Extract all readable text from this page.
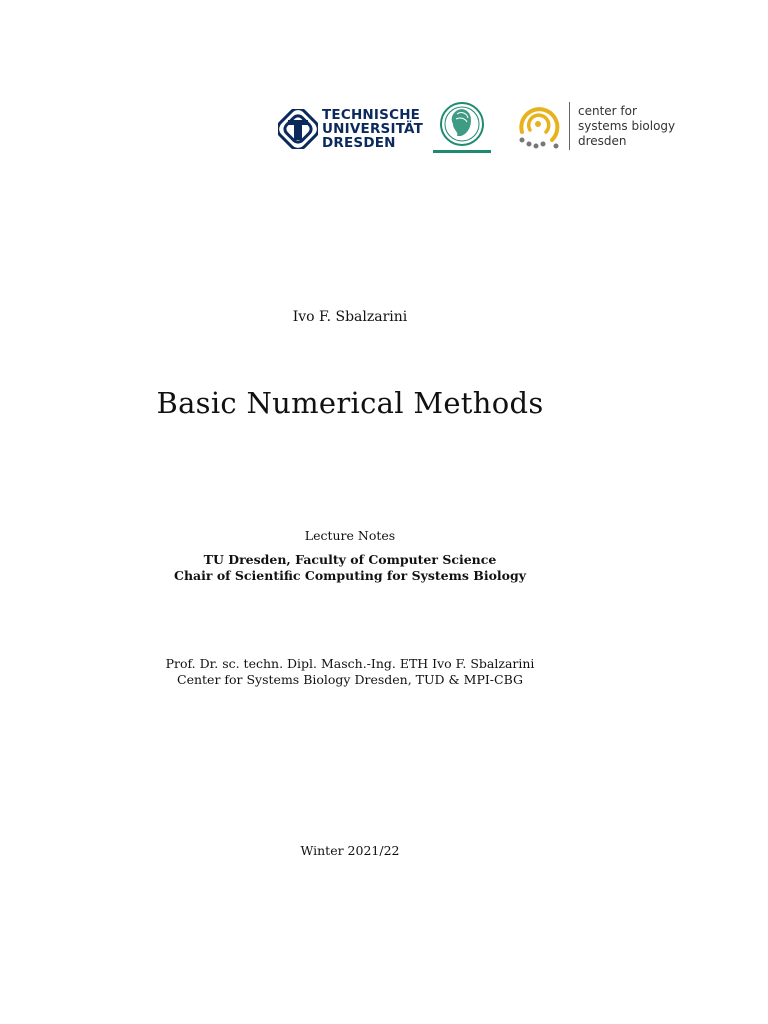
TECHNISCHE
UNIVERSITÄT
DRESDEN
center for
systems biology
dresden
Ivo F. Sbalzarini
Basic Numerical Methods
Lecture Notes
TU Dresden, Faculty of Computer Science
Chair of Scientific Computing for Systems Biology
Prof. Dr. sc. techn. Dipl. Masch.-Ing. ETH Ivo F. Sbalzarini
Center for Systems Biology Dresden, TUD & MPI-CBG
Winter 2021/22
